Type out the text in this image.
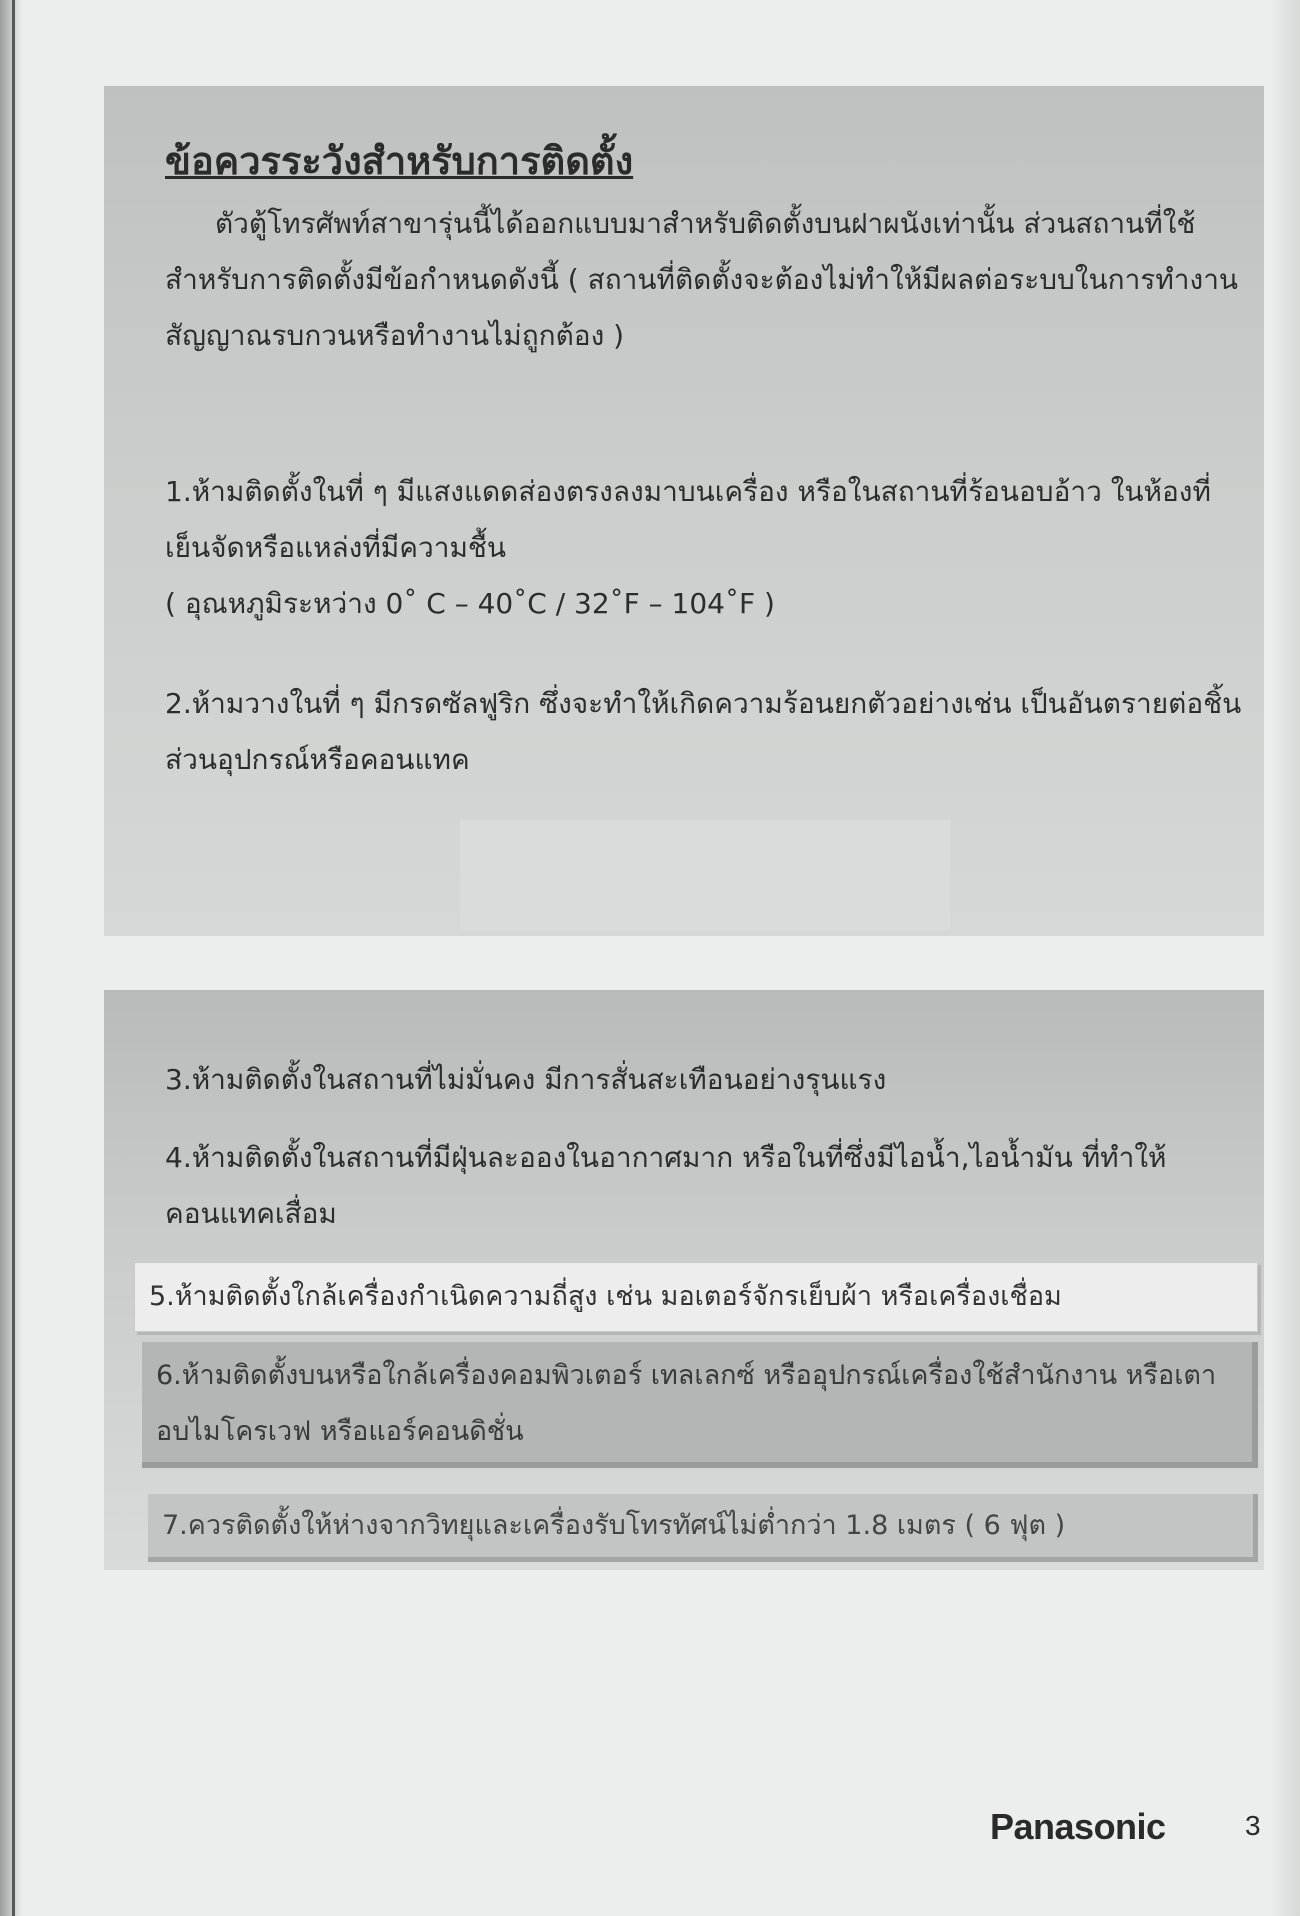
ข้อควรระวังสำหรับการติดตั้ง

ตัวตู้โทรศัพท์สาขารุ่นนี้ได้ออกแบบมาสำหรับติดตั้งบนฝาผนังเท่านั้น ส่วนสถานที่ใช้สำหรับการติดตั้งมีข้อกำหนดดังนี้ ( สถานที่ติดตั้งจะต้องไม่ทำให้มีผลต่อระบบในการทำงาน สัญญาณรบกวนหรือทำงานไม่ถูกต้อง )

1.ห้ามติดตั้งในที่ ๆ มีแสงแดดส่องตรงลงมาบนเครื่อง หรือในสถานที่ร้อนอบอ้าว ในห้องที่เย็นจัดหรือแหล่งที่มีความชื้น

( อุณหภูมิระหว่าง 0˚ C – 40˚C / 32˚F – 104˚F )

2.ห้ามวางในที่ ๆ มีกรดซัลฟูริก ซึ่งจะทำให้เกิดความร้อนยกตัวอย่างเช่น เป็นอันตรายต่อชิ้นส่วนอุปกรณ์หรือคอนแทค

3.ห้ามติดตั้งในสถานที่ไม่มั่นคง มีการสั่นสะเทือนอย่างรุนแรง

4.ห้ามติดตั้งในสถานที่มีฝุ่นละอองในอากาศมาก หรือในที่ซึ่งมีไอน้ำ,ไอน้ำมัน ที่ทำให้คอนแทคเสื่อม

5.ห้ามติดตั้งใกล้เครื่องกำเนิดความถี่สูง เช่น มอเตอร์จักรเย็บผ้า หรือเครื่องเชื่อม
6.ห้ามติดตั้งบนหรือใกล้เครื่องคอมพิวเตอร์ เทลเลกซ์ หรืออุปกรณ์เครื่องใช้สำนักงาน หรือเตาอบไมโครเวฟ หรือแอร์คอนดิชั่น
7.ควรติดตั้งให้ห่างจากวิทยุและเครื่องรับโทรทัศน์ไม่ต่ำกว่า 1.8 เมตร ( 6 ฟุต )
Panasonic	3
